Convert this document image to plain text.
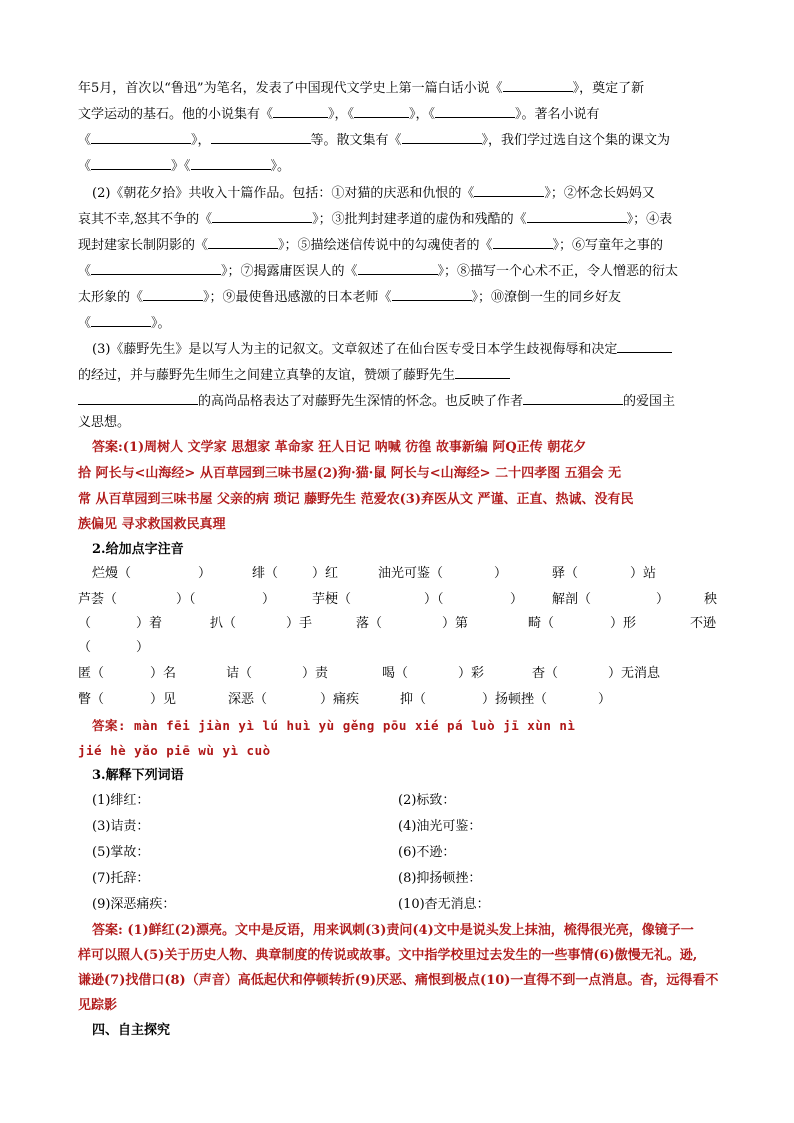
年5月，首次以“鲁迅”为笔名，发表了中国现代文学史上第一篇白话小说《	》，奠定了新
文学运动的基石。他的小说集有《	》，《	》，《	》。著名小说有
《	》，	等。散文集有《	》，我们学过选自这个集的课文为
《	》《	》。
(2)《朝花夕拾》共收入十篇作品。包括：①对猫的庆恶和仇恨的《	》；②怀念长妈妈又
哀其不幸,怒其不争的《	》；③批判封建孝道的虚伪和残酷的《	》；④表
现封建家长制阴影的《	》；⑤描绘迷信传说中的勾魂使者的《	》；⑥写童年之事的
《	》；⑦揭露庸医误人的《	》；⑧描写一个心术不正，令人憎恶的衍太
太形象的《	》；⑨最使鲁迅感激的日本老师《	》；⑩潦倒一生的同乡好友
《	》。
(3)《藤野先生》是以写人为主的记叙文。文章叙述了在仙台医专受日本学生歧视侮辱和决定
的经过，并与藤野先生师生之间建立真挚的友谊，赞颂了藤野先生
的高尚品格表达了对藤野先生深情的怀念。也反映了作者	的爱国主
义思想。
答案:(1)周树人 文学家 思想家 革命家 狂人日记 呐喊 彷徨 故事新编 阿Q正传 朝花夕
拾 阿长与<山海经> 从百草园到三味书屋(2)狗·猫·鼠 阿长与<山海经> 二十四孝图 五猖会 无
常 从百草园到三味书屋 父亲的病 琐记 藤野先生 范爱农(3)弃医从文 严谨、正直、热诚、没有民
族偏见 寻求救国救民真理
2.给加点字注音
烂熳（	）	绯（	）红	油光可鉴（	）	驿（	）站
芦荟（	）（	）	芋梗（	）（	） 解剖（	）	秧
（	）着	扒（	）手	落（	）第	畸（	）形	不逊
（	）
匿（	）名	诘（	）责	喝（	）彩	杳（	）无消息
瞥（	）见	深恶（	）痛疾	抑（	）扬顿挫（	）
答案: màn fēi jiàn yì lú huì yù gěng pōu xié pá luò jī xùn nì
jié hè yǎo piē wù yì cuò
3.解释下列词语
(1)绯红：	(2)标致：
(3)诘责：	(4)油光可鉴：
(5)掌故：	(6)不逊：
(7)托辞：	(8)抑扬顿挫：
(9)深恶痛疾：	(10)杳无消息：
答案: (1)鲜红(2)漂亮。文中是反语，用来讽刺(3)责问(4)文中是说头发上抹油，梳得很光亮，像镜子一
样可以照人(5)关于历史人物、典章制度的传说或故事。文中指学校里过去发生的一些事情(6)傲慢无礼。逊,
谦逊(7)找借口(8)（声音）高低起伏和停顿转折(9)厌恶、痛恨到极点(10)一直得不到一点消息。杳，远得看不
见踪影
四、自主探究
